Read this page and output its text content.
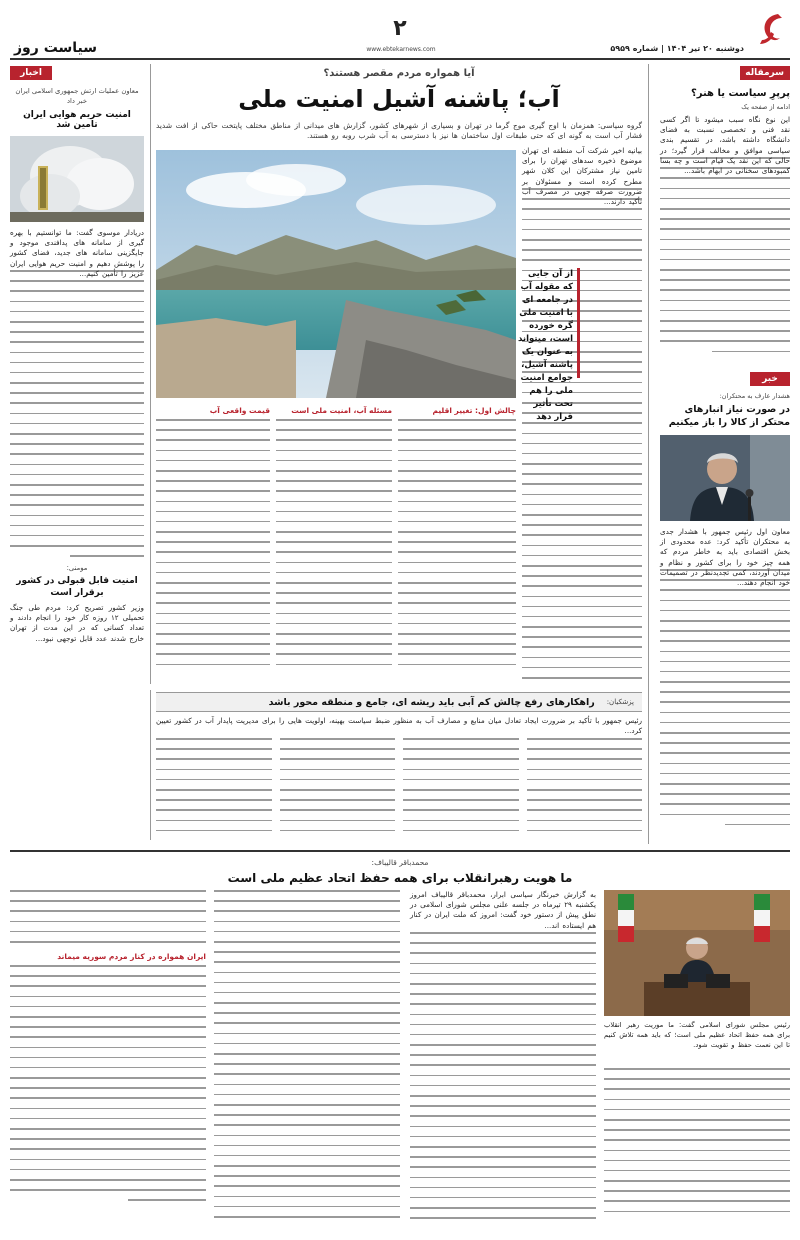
دوشنبه ۲۰ تیر ۱۴۰۴ | شماره ۵۹۵۹
۲
www.ebtekarnews.com
سیاست روز
سرمقاله
پرپرِ سیاست یا هنر؟
ادامه از صفحه یک
این نوع نگاه سبب میشود تا اگر کسی نقد فنی و تخصصی نسبت به فضای دانشگاه داشته باشد، در تقسیم بندی سیاسی موافق و مخالف قرار گیرد؛ در حالی که این نقد یک قیام است و چه بسا کمبودهای سخنانی در ابهام باشد...
خبر
هشدار عارف به محتکران:
در صورت نیاز انبارهای محتکر از کالا را باز میکنیم
معاون اول رئیس جمهور با هشدار جدی به محتکران تأکید کرد: عده محدودی از بخش اقتصادی باید به خاطر مردم که همه چیز خود را برای کشور و نظام و میدان آوردند، کمی تجدیدنظر در تصمیمات خود انجام دهند...
آیا همواره مردم مقصر هستند؟
آب؛ پاشنه آشیل امنیت ملی
گروه سیاسی: همزمان با اوج گیری موج گرما در تهران و بسیاری از شهرهای کشور، گزارش های میدانی از مناطق مختلف پایتخت حاکی از افت شدید فشار آب است به گونه ای که حتی طبقات اول ساختمان ها نیز با دسترسی به آب شرب روبه رو هستند.
بیانیه اخیر شرکت آب منطقه ای تهران موضوع ذخیره سدهای تهران را برای تامین نیاز مشترکان این کلان شهر مطرح کرده است و مسئولان بر ضرورت صرفه جویی در مصرف آب تأکید دارند...
چالش اول: تغییر اقلیم
مسئله آب، امنیت ملی است
قیمت واقعی آب
از آن جایی که مقوله آب در جامعه ای با امنیت ملی گره خورده است، میتواند به عنوان یک پاشنه آشیل، جوامع امنیت ملی را هم تحت تأثیر قرار دهد
اخبار
معاون عملیات ارتش جمهوری اسلامی ایران خبر داد
امنیت حریم هوایی ایران تامین شد
دریادار موسوی گفت: ما توانستیم با بهره گیری از سامانه های پدافندی موجود و جایگزینی سامانه های جدید، فضای کشور را پوشش دهیم و امنیت حریم هوایی ایران عزیز را تأمین کنیم...
مومنی:
امنیت قابل قبولی در کشور برقرار است
وزیر کشور تصریح کرد: مردم طی جنگ تحمیلی ۱۲ روزه کار خود را انجام دادند و تعداد کسانی که در این مدت از تهران خارج شدند عدد قابل توجهی نبود...
پزشکیان:
راهکارهای رفع چالش کم آبی باید ریشه ای، جامع و منطقه محور باشد
رئیس جمهور با تأکید بر ضرورت ایجاد تعادل میان منابع و مصارف آب به منظور ضبط سیاست بهینه، اولویت هایی را برای مدیریت پایدار آب در کشور تعیین کرد...
محمدباقر قالیباف:
ما هویت رهبرانقلاب برای همه حفظ اتحاد عظیم ملی است
رئیس مجلس شورای اسلامی گفت: ما موریت رهبر انقلاب برای همه حفظ اتحاد عظیم ملی است؛ که باید همه تلاش کنیم تا این نعمت حفظ و تقویت شود.
به گزارش خبرنگار سیاسی ابرار، محمدباقر قالیباف امروز یکشنبه ۲۹ تیرماه در جلسه علنی مجلس شورای اسلامی در نطق پیش از دستور خود گفت: امروز که ملت ایران در کنار هم ایستاده اند...
ایران همواره در کنار مردم سوریه میماند
